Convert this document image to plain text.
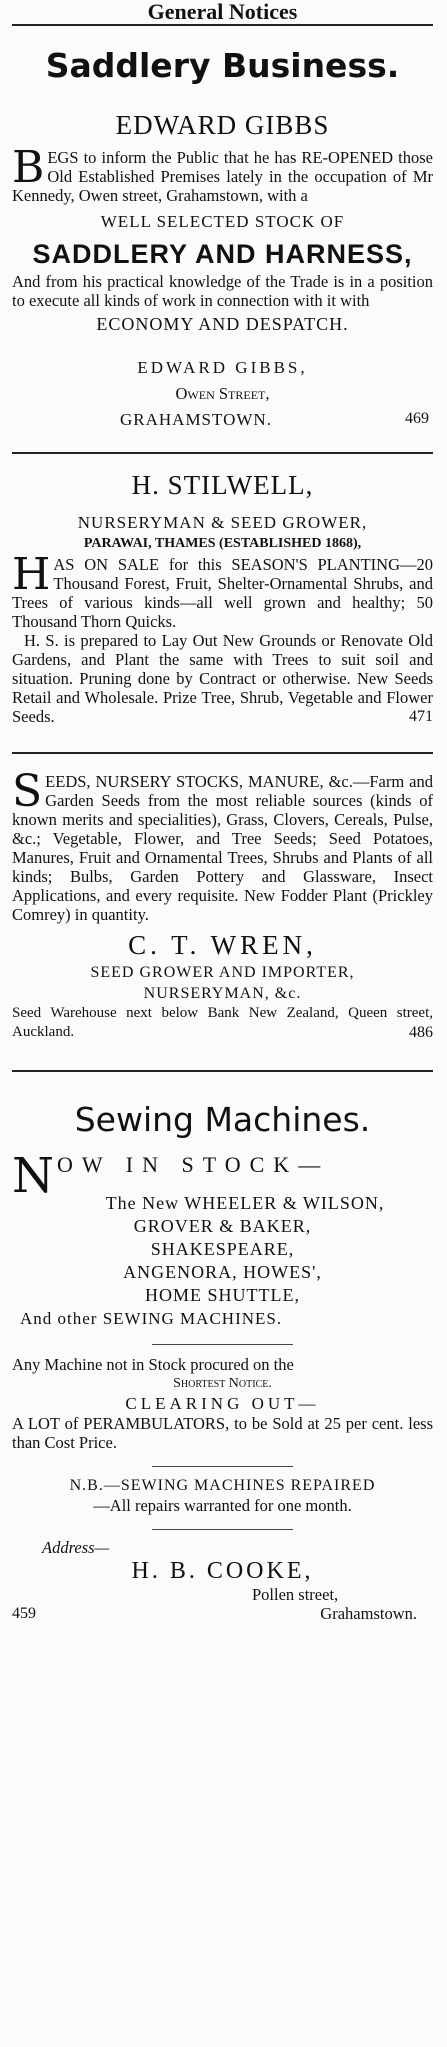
General Notices
Saddlery Business.
EDWARD GIBBS
BEGS to inform the Public that he has RE-OPENED those Old Established Premises lately in the occupation of Mr Kennedy, Owen street, Grahamstown, with a
WELL SELECTED STOCK OF
SADDLERY AND HARNESS,
And from his practical knowledge of the Trade is in a position to execute all kinds of work in connection with it with
ECONOMY AND DESPATCH.
EDWARD GIBBS,
Owen Street,
GRAHAMSTOWN.	469
H. STILWELL,
NURSERYMAN & SEED GROWER,
PARAWAI, THAMES (ESTABLISHED 1868),
HAS ON SALE for this SEASON'S PLANTING—20 Thousand Forest, Fruit, Shelter-Ornamental Shrubs, and Trees of various kinds—all well grown and healthy; 50 Thousand Thorn Quicks.
H. S. is prepared to Lay Out New Grounds or Renovate Old Gardens, and Plant the same with Trees to suit soil and situation. Pruning done by Contract or otherwise. New Seeds Retail and Wholesale. Prize Tree, Shrub, Vegetable and Flower Seeds.	471
SEEDS, NURSERY STOCKS, MANURE, &c.—Farm and Garden Seeds from the most reliable sources (kinds of known merits and specialities), Grass, Clovers, Cereals, Pulse, &c.; Vegetable, Flower, and Tree Seeds; Seed Potatoes, Manures, Fruit and Ornamental Trees, Shrubs and Plants of all kinds; Bulbs, Garden Pottery and Glassware, Insect Applications, and every requisite. New Fodder Plant (Prickley Comrey) in quantity.
C. T. WREN,
SEED GROWER AND IMPORTER,
NURSERYMAN, &c.
Seed Warehouse next below Bank New Zealand, Queen street, Auckland.	486
Sewing Machines.
N OW IN STOCK—
The New WHEELER & WILSON,
GROVER & BAKER,
SHAKESPEARE,
ANGENORA, HOWES',
HOME SHUTTLE,
And other SEWING MACHINES.
Any Machine not in Stock procured on the
Shortest Notice.
CLEARING OUT—
A LOT of PERAMBULATORS, to be Sold at 25 per cent. less than Cost Price.
N.B.—SEWING MACHINES REPAIRED
—All repairs warranted for one month.
Address—
H. B. COOKE,
Pollen street,
459	Grahamstown.
